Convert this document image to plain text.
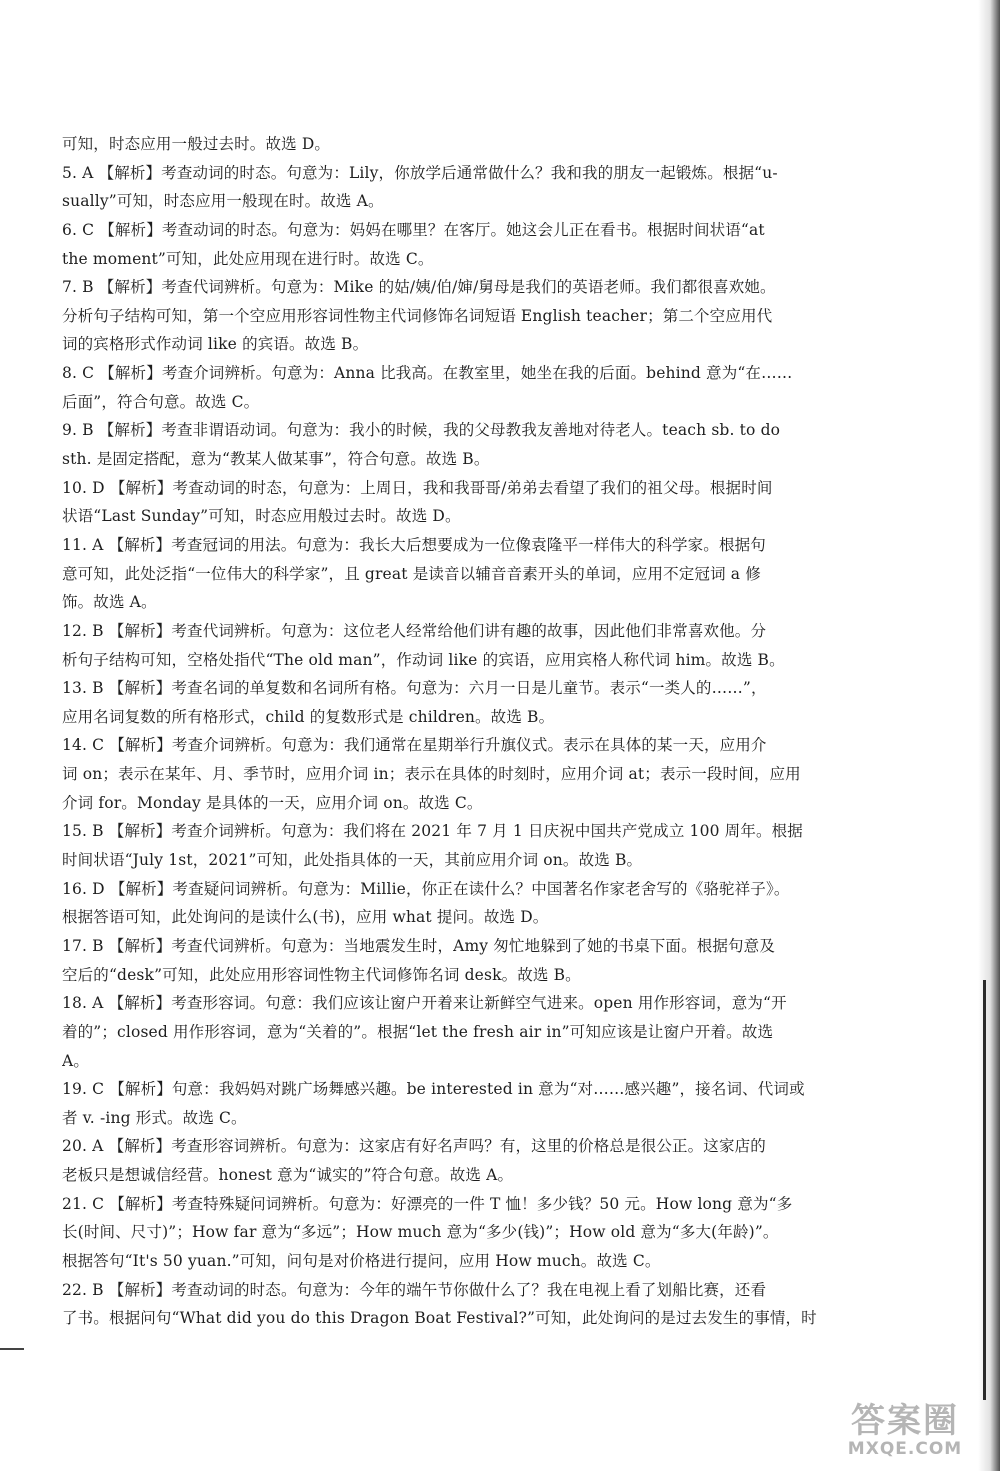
可知，时态应用一般过去时。故选 D。
5. A 【解析】考查动词的时态。句意为：Lily，你放学后通常做什么？我和我的朋友一起锻炼。根据“u-
sually”可知，时态应用一般现在时。故选 A。
6. C 【解析】考查动词的时态。句意为：妈妈在哪里？在客厅。她这会儿正在看书。根据时间状语“at
the moment”可知，此处应用现在进行时。故选 C。
7. B 【解析】考查代词辨析。句意为：Mike 的姑/姨/伯/婶/舅母是我们的英语老师。我们都很喜欢她。
分析句子结构可知，第一个空应用形容词性物主代词修饰名词短语 English teacher；第二个空应用代
词的宾格形式作动词 like 的宾语。故选 B。
8. C 【解析】考查介词辨析。句意为：Anna 比我高。在教室里，她坐在我的后面。behind 意为“在……
后面”，符合句意。故选 C。
9. B 【解析】考查非谓语动词。句意为：我小的时候，我的父母教我友善地对待老人。teach sb. to do
sth. 是固定搭配，意为“教某人做某事”，符合句意。故选 B。
10. D 【解析】考查动词的时态，句意为：上周日，我和我哥哥/弟弟去看望了我们的祖父母。根据时间
状语“Last Sunday”可知，时态应用般过去时。故选 D。
11. A 【解析】考查冠词的用法。句意为：我长大后想要成为一位像袁隆平一样伟大的科学家。根据句
意可知，此处泛指“一位伟大的科学家”，且 great 是读音以辅音音素开头的单词，应用不定冠词 a 修
饰。故选 A。
12. B 【解析】考查代词辨析。句意为：这位老人经常给他们讲有趣的故事，因此他们非常喜欢他。分
析句子结构可知，空格处指代“The old man”，作动词 like 的宾语，应用宾格人称代词 him。故选 B。
13. B 【解析】考查名词的单复数和名词所有格。句意为：六月一日是儿童节。表示“一类人的……”，
应用名词复数的所有格形式，child 的复数形式是 children。故选 B。
14. C 【解析】考查介词辨析。句意为：我们通常在星期举行升旗仪式。表示在具体的某一天，应用介
词 on；表示在某年、月、季节时，应用介词 in；表示在具体的时刻时，应用介词 at；表示一段时间，应用
介词 for。Monday 是具体的一天，应用介词 on。故选 C。
15. B 【解析】考查介词辨析。句意为：我们将在 2021 年 7 月 1 日庆祝中国共产党成立 100 周年。根据
时间状语“July 1st，2021”可知，此处指具体的一天，其前应用介词 on。故选 B。
16. D 【解析】考查疑问词辨析。句意为：Millie，你正在读什么？中国著名作家老舍写的《骆驼祥子》。
根据答语可知，此处询问的是读什么(书)，应用 what 提问。故选 D。
17. B 【解析】考查代词辨析。句意为：当地震发生时，Amy 匆忙地躲到了她的书桌下面。根据句意及
空后的“desk”可知，此处应用形容词性物主代词修饰名词 desk。故选 B。
18. A 【解析】考查形容词。句意：我们应该让窗户开着来让新鲜空气进来。open 用作形容词，意为“开
着的”；closed 用作形容词，意为“关着的”。根据“let the fresh air in”可知应该是让窗户开着。故选
A。
19. C 【解析】句意：我妈妈对跳广场舞感兴趣。be interested in 意为“对……感兴趣”，接名词、代词或
者 v. -ing 形式。故选 C。
20. A 【解析】考查形容词辨析。句意为：这家店有好名声吗？有，这里的价格总是很公正。这家店的
老板只是想诚信经营。honest 意为“诚实的”符合句意。故选 A。
21. C 【解析】考查特殊疑问词辨析。句意为：好漂亮的一件 T 恤！多少钱？50 元。How long 意为“多
长(时间、尺寸)”；How far 意为“多远”；How much 意为“多少(钱)”；How old 意为“多大(年龄)”。
根据答句“It's 50 yuan.”可知，问句是对价格进行提问，应用 How much。故选 C。
22. B 【解析】考查动词的时态。句意为：今年的端午节你做什么了？我在电视上看了划船比赛，还看
了书。根据问句“What did you do this Dragon Boat Festival?”可知，此处询问的是过去发生的事情，时
答案圈
MXQE.COM
